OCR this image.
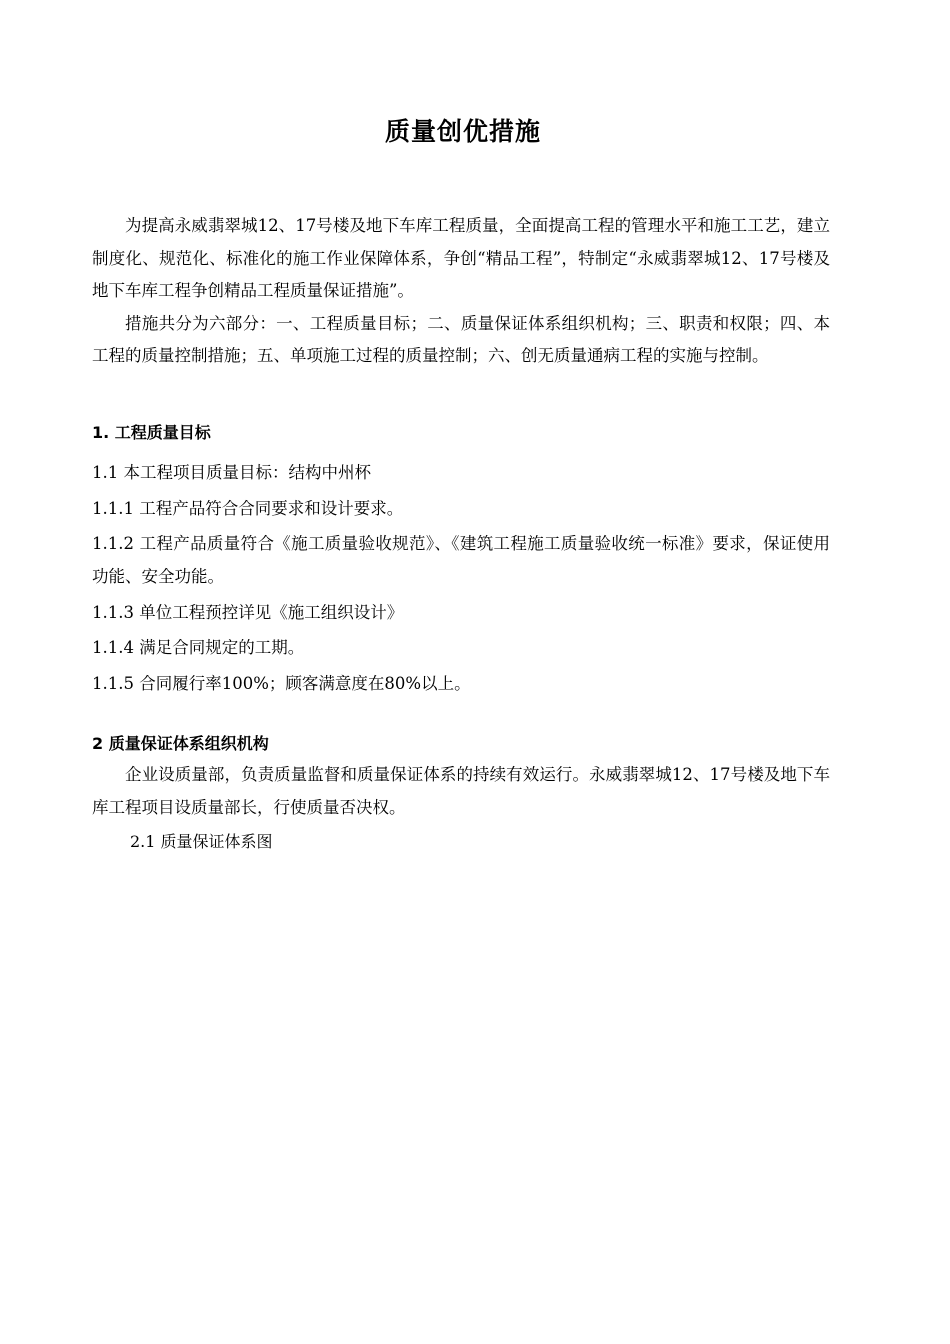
质量创优措施

为提高永威翡翠城12、17号楼及地下车库工程质量，全面提高工程的管理水平和施工工艺，建立制度化、规范化、标准化的施工作业保障体系，争创“精品工程”，特制定“永威翡翠城12、17号楼及地下车库工程争创精品工程质量保证措施”。

措施共分为六部分：一、工程质量目标；二、质量保证体系组织机构；三、职责和权限；四、本工程的质量控制措施；五、单项施工过程的质量控制；六、创无质量通病工程的实施与控制。

1. 工程质量目标
1.1 本工程项目质量目标：结构中州杯
1.1.1 工程产品符合合同要求和设计要求。
1.1.2 工程产品质量符合《施工质量验收规范》、《建筑工程施工质量验收统一标准》要求，保证使用功能、安全功能。
1.1.3 单位工程预控详见《施工组织设计》
1.1.4 满足合同规定的工期。
1.1.5 合同履行率100%；顾客满意度在80%以上。
2 质量保证体系组织机构

企业设质量部，负责质量监督和质量保证体系的持续有效运行。永威翡翠城12、17号楼及地下车库工程项目设质量部长，行使质量否决权。

2.1 质量保证体系图
